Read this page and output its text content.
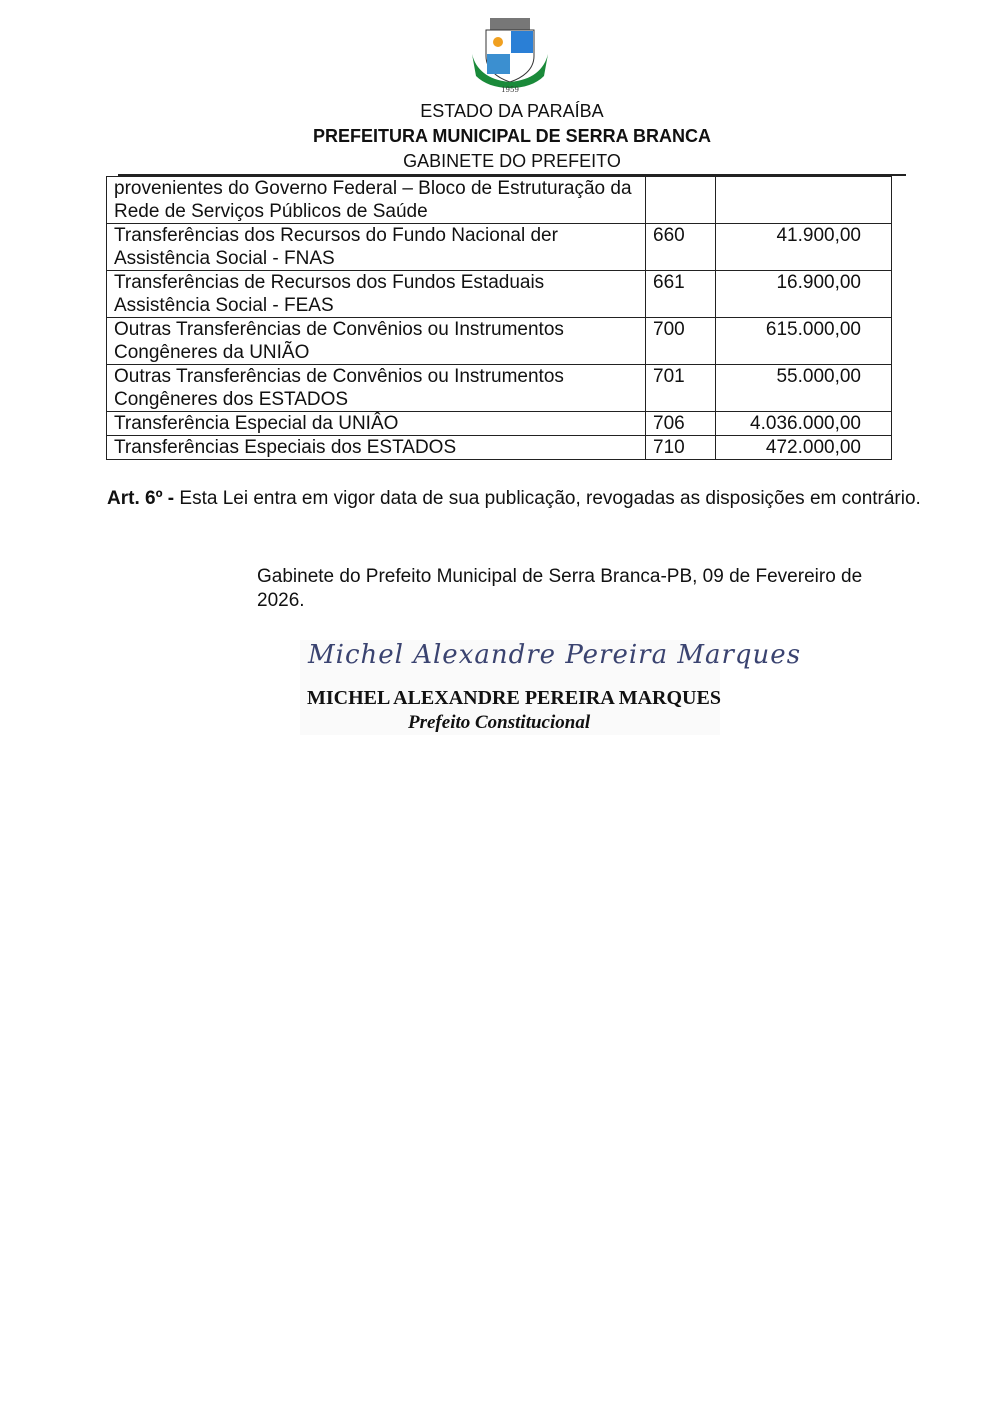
1959
ESTADO DA PARAÍBA
PREFEITURA MUNICIPAL DE SERRA BRANCA
GABINETE DO PREFEITO
provenientes do Governo Federal – Bloco de Estruturação da Rede de Serviços Públicos de Saúde		
Transferências dos Recursos do Fundo Nacional der Assistência Social - FNAS	660	41.900,00
Transferências de Recursos dos Fundos Estaduais Assistência Social - FEAS	661	16.900,00
Outras Transferências de Convênios ou Instrumentos Congêneres da UNIÃO	700	615.000,00
Outras Transferências de Convênios ou Instrumentos Congêneres dos ESTADOS	701	55.000,00
Transferência Especial da UNIÂO	706	4.036.000,00
Transferências Especiais dos ESTADOS	710	472.000,00
Art. 6º - Esta Lei entra em vigor data de sua publicação, revogadas as disposições em contrário.
Gabinete do Prefeito Municipal de Serra Branca-PB, 09 de Fevereiro de 2026.
Michel Alexandre Pereira Marques
MICHEL ALEXANDRE PEREIRA MARQUES
Prefeito Constitucional
